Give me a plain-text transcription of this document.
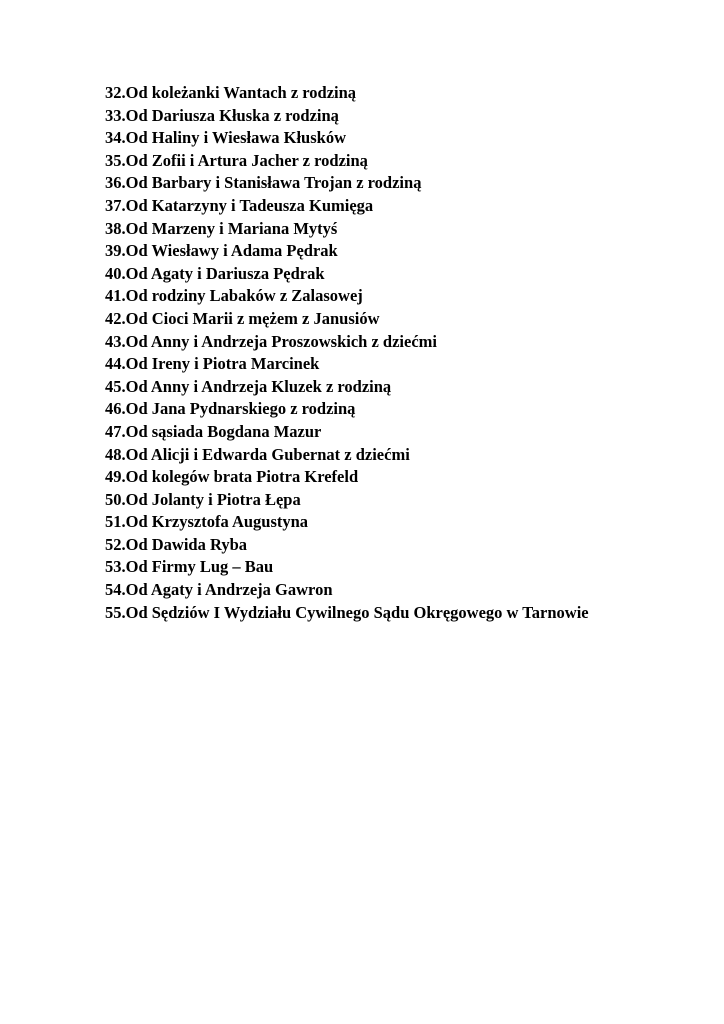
32.Od koleżanki Wantach z rodziną
33.Od Dariusza Kłuska z rodziną
34.Od Haliny i Wiesława Kłusków
35.Od Zofii i Artura Jacher z rodziną
36.Od Barbary i Stanisława Trojan z rodziną
37.Od Katarzyny i Tadeusza Kumięga
38.Od Marzeny i Mariana Mytyś
39.Od Wiesławy i Adama Pędrak
40.Od Agaty i Dariusza Pędrak
41.Od rodziny Labaków z Zalasowej
42.Od Cioci Marii z mężem z Janusiów
43.Od Anny i Andrzeja Proszowskich z dziećmi
44.Od Ireny i Piotra Marcinek
45.Od Anny i Andrzeja Kluzek z rodziną
46.Od Jana Pydnarskiego z rodziną
47.Od sąsiada Bogdana Mazur
48.Od Alicji i Edwarda Gubernat z dziećmi
49.Od kolegów brata Piotra Krefeld
50.Od Jolanty i Piotra Łępa
51.Od Krzysztofa Augustyna
52.Od Dawida Ryba
53.Od Firmy Lug – Bau
54.Od Agaty i Andrzeja Gawron
55.Od Sędziów I Wydziału Cywilnego Sądu Okręgowego w Tarnowie
